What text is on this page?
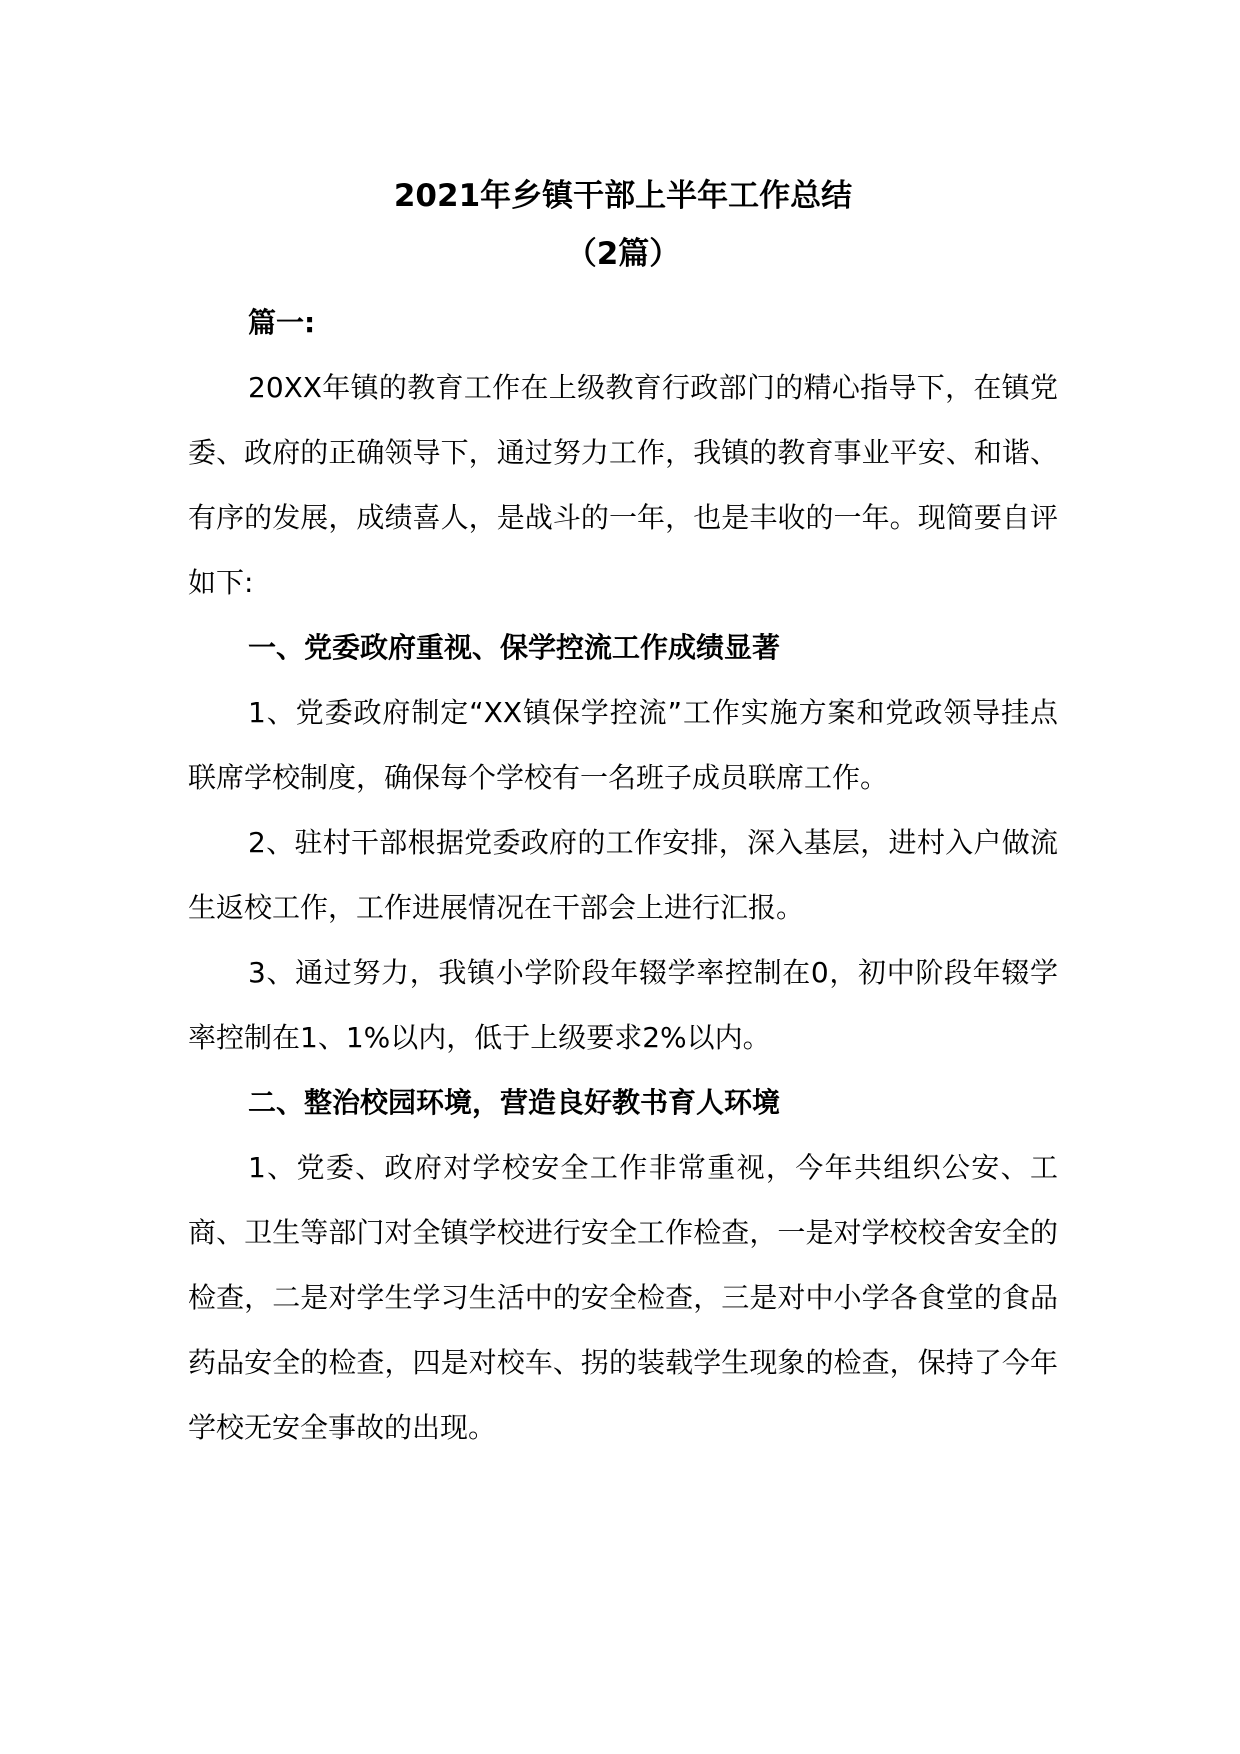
2021年乡镇干部上半年工作总结
（2篇）
篇一:

20XX年镇的教育工作在上级教育行政部门的精心指导下，在镇党委、政府的正确领导下，通过努力工作，我镇的教育事业平安、和谐、有序的发展，成绩喜人，是战斗的一年，也是丰收的一年。现简要自评如下:

一、党委政府重视、保学控流工作成绩显著

1、党委政府制定“XX镇保学控流”工作实施方案和党政领导挂点联席学校制度，确保每个学校有一名班子成员联席工作。

2、驻村干部根据党委政府的工作安排，深入基层，进村入户做流生返校工作，工作进展情况在干部会上进行汇报。

3、通过努力，我镇小学阶段年辍学率控制在0，初中阶段年辍学率控制在1、1%以内，低于上级要求2%以内。

二、整治校园环境，营造良好教书育人环境

1、党委、政府对学校安全工作非常重视，今年共组织公安、工商、卫生等部门对全镇学校进行安全工作检查，一是对学校校舍安全的检查，二是对学生学习生活中的安全检查，三是对中小学各食堂的食品药品安全的检查，四是对校车、拐的装载学生现象的检查，保持了今年学校无安全事故的出现。
